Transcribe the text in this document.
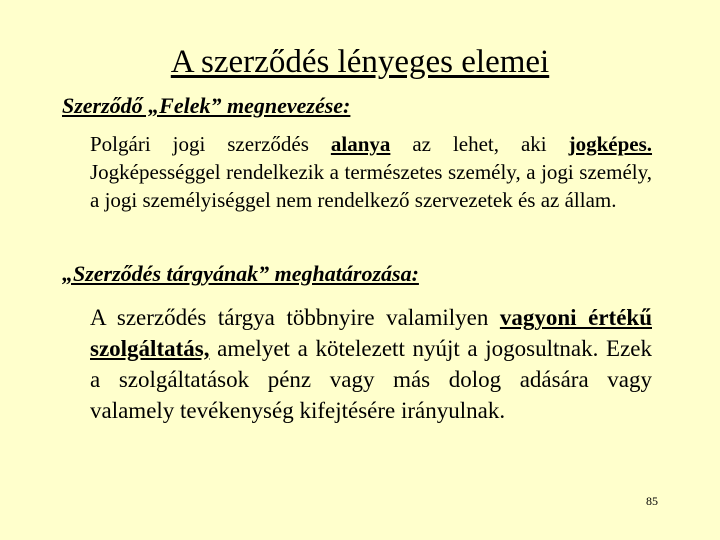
A szerződés lényeges elemei
Szerződő „Felek” megnevezése:

Polgári jogi szerződés alanya az lehet, aki jogképes. Jogképességgel rendelkezik a természetes személy, a jogi személy, a jogi személyiséggel nem rendelkező szervezetek és az állam.

„Szerződés tárgyának” meghatározása:

A szerződés tárgya többnyire valamilyen vagyoni értékű szolgáltatás, amelyet a kötelezett nyújt a jogosultnak. Ezek a szolgáltatások pénz vagy más dolog adására vagy valamely tevékenység kifejtésére irányulnak.

85
